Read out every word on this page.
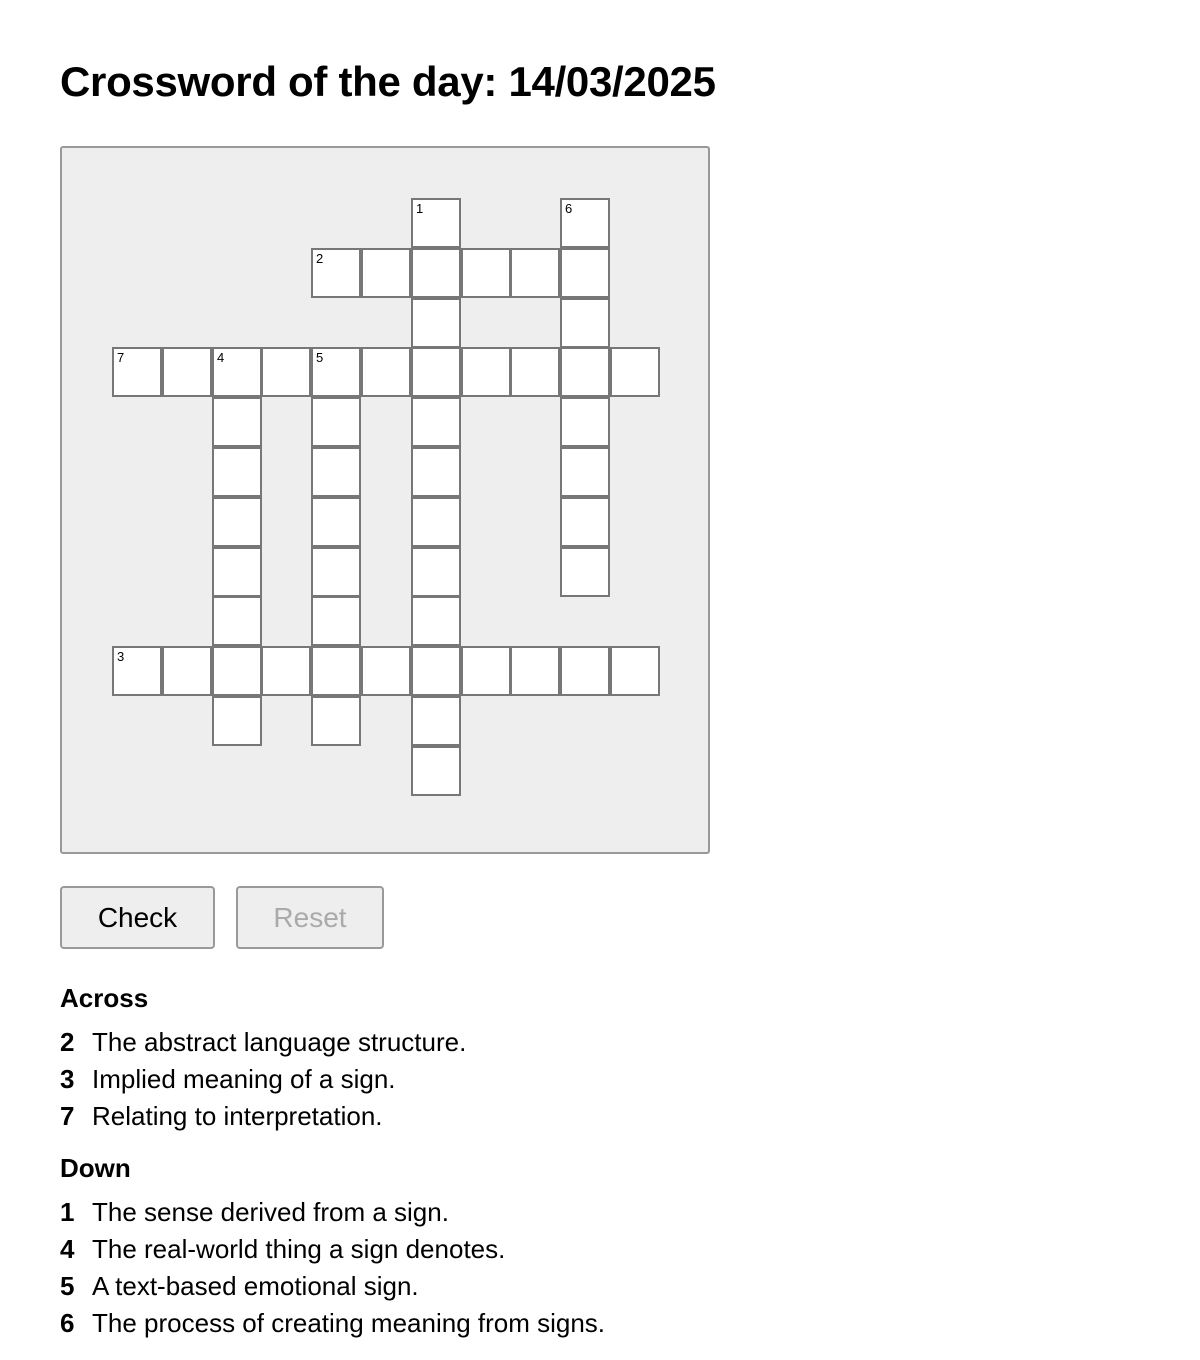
Crossword of the day: 14/03/2025
1	6
2
7	4	5
3
Check	Reset
Across
2 The abstract language structure.
3 Implied meaning of a sign.
7 Relating to interpretation.
Down
1 The sense derived from a sign.
4 The real-world thing a sign denotes.
5 A text-based emotional sign.
6 The process of creating meaning from signs.
